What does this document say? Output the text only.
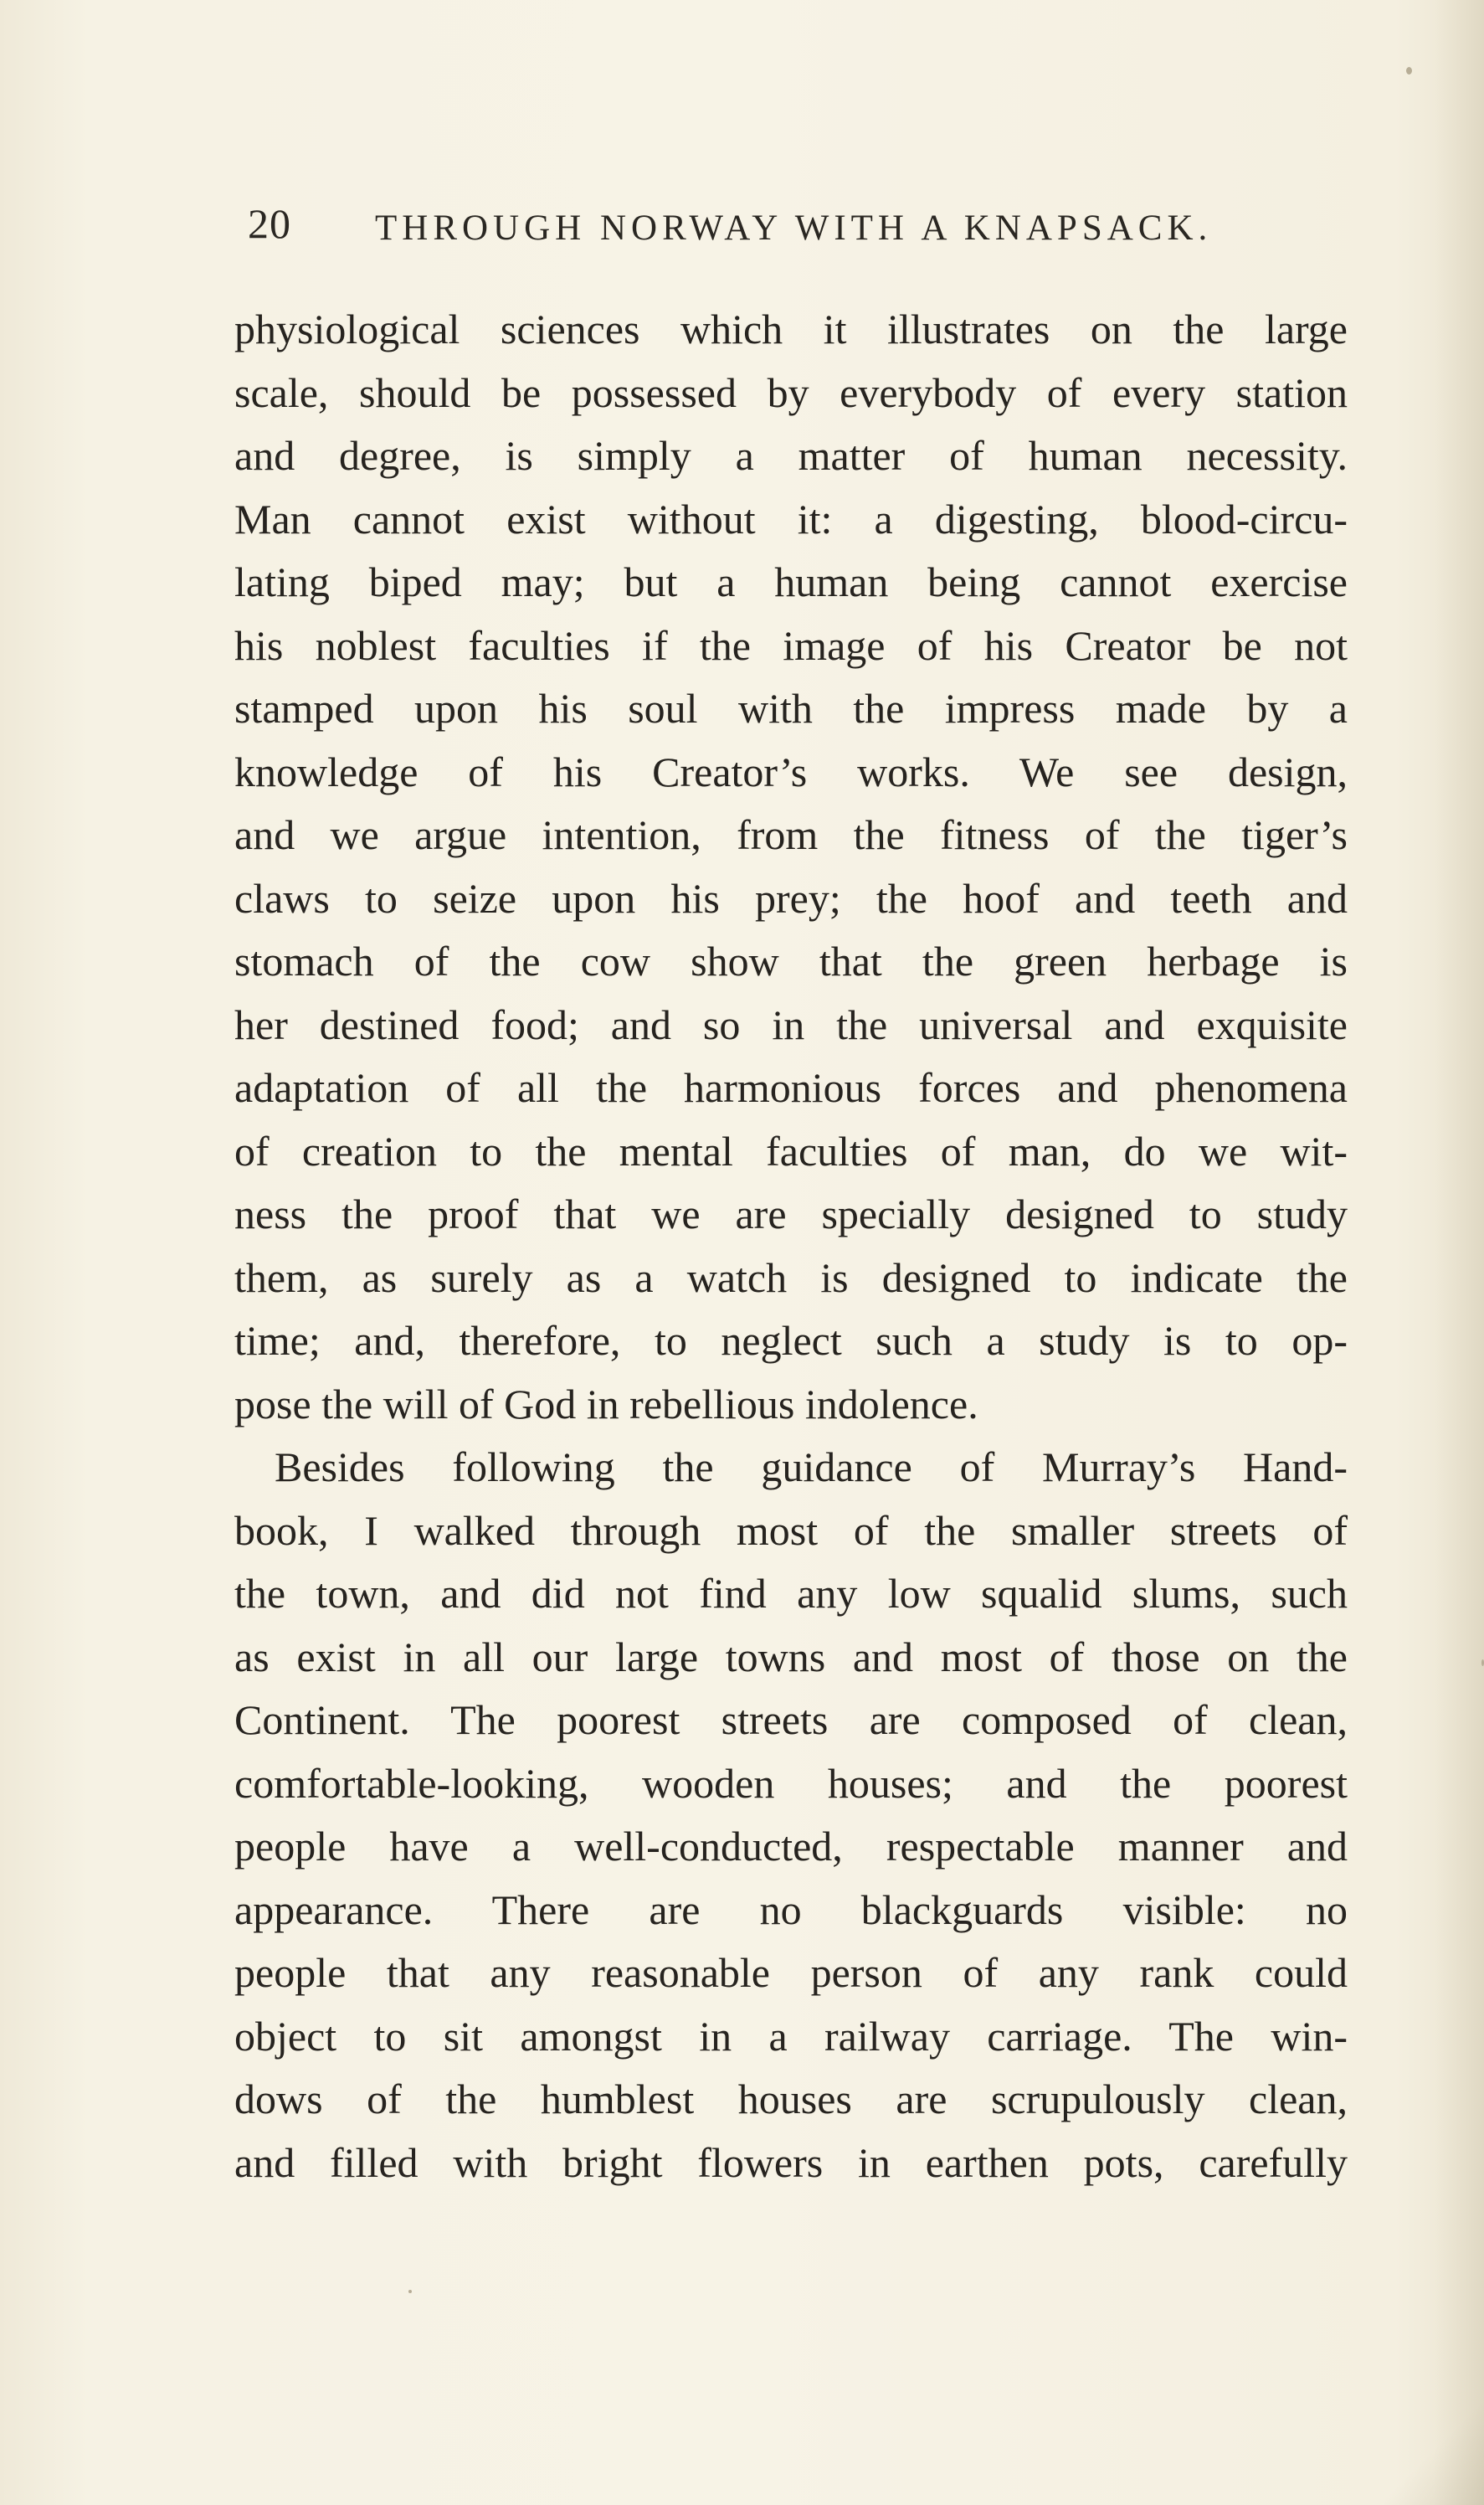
20 THROUGH NORWAY WITH A KNAPSACK.
physiological sciences which it illustrates on the large
scale, should be possessed by everybody of every station
and degree, is simply a matter of human necessity.
Man cannot exist without it: a digesting, blood-circu-
lating biped may; but a human being cannot exercise
his noblest faculties if the image of his Creator be not
stamped upon his soul with the impress made by a
knowledge of his Creator’s works. We see design,
and we argue intention, from the fitness of the tiger’s
claws to seize upon his prey; the hoof and teeth and
stomach of the cow show that the green herbage is
her destined food; and so in the universal and exquisite
adaptation of all the harmonious forces and phenomena
of creation to the mental faculties of man, do we wit-
ness the proof that we are specially designed to study
them, as surely as a watch is designed to indicate the
time; and, therefore, to neglect such a study is to op-
pose the will of God in rebellious indolence.
Besides following the guidance of Murray’s Hand-
book, I walked through most of the smaller streets of
the town, and did not find any low squalid slums, such
as exist in all our large towns and most of those on the
Continent. The poorest streets are composed of clean,
comfortable-looking, wooden houses; and the poorest
people have a well-conducted, respectable manner and
appearance. There are no blackguards visible: no
people that any reasonable person of any rank could
object to sit amongst in a railway carriage. The win-
dows of the humblest houses are scrupulously clean,
and filled with bright flowers in earthen pots, carefully
